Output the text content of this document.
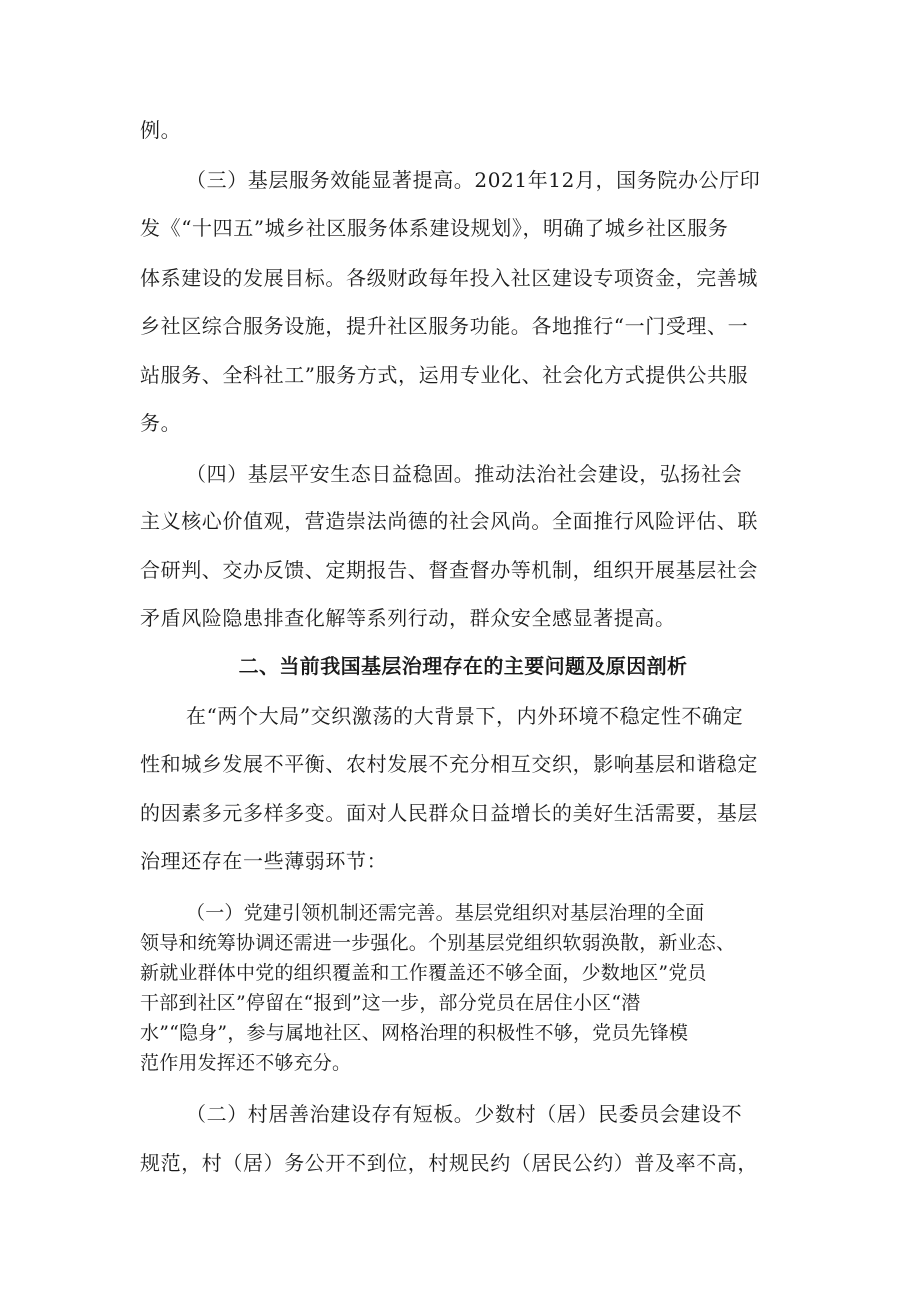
例。
（三）基层服务效能显著提高。2021年12月，国务院办公厅印
发《“十四五”城乡社区服务体系建设规划》，明确了城乡社区服务
体系建设的发展目标。各级财政每年投入社区建设专项资金，完善城
乡社区综合服务设施，提升社区服务功能。各地推行“一门受理、一
站服务、全科社工”服务方式，运用专业化、社会化方式提供公共服
务。
（四）基层平安生态日益稳固。推动法治社会建设，弘扬社会
主义核心价值观，营造崇法尚德的社会风尚。全面推行风险评估、联
合研判、交办反馈、定期报告、督查督办等机制，组织开展基层社会
矛盾风险隐患排查化解等系列行动，群众安全感显著提高。
二、当前我国基层治理存在的主要问题及原因剖析
在“两个大局”交织激荡的大背景下，内外环境不稳定性不确定
性和城乡发展不平衡、农村发展不充分相互交织，影响基层和谐稳定
的因素多元多样多变。面对人民群众日益增长的美好生活需要，基层
治理还存在一些薄弱环节：
（一）党建引领机制还需完善。基层党组织对基层治理的全面
领导和统筹协调还需进一步强化。个别基层党组织软弱涣散，新业态、
新就业群体中党的组织覆盖和工作覆盖还不够全面，少数地区”党员
干部到社区”停留在“报到”这一步，部分党员在居住小区“潜
水”“隐身”，参与属地社区、网格治理的积极性不够，党员先锋模
范作用发挥还不够充分。
（二）村居善治建设存有短板。少数村（居）民委员会建设不
规范，村（居）务公开不到位，村规民约（居民公约）普及率不高，
